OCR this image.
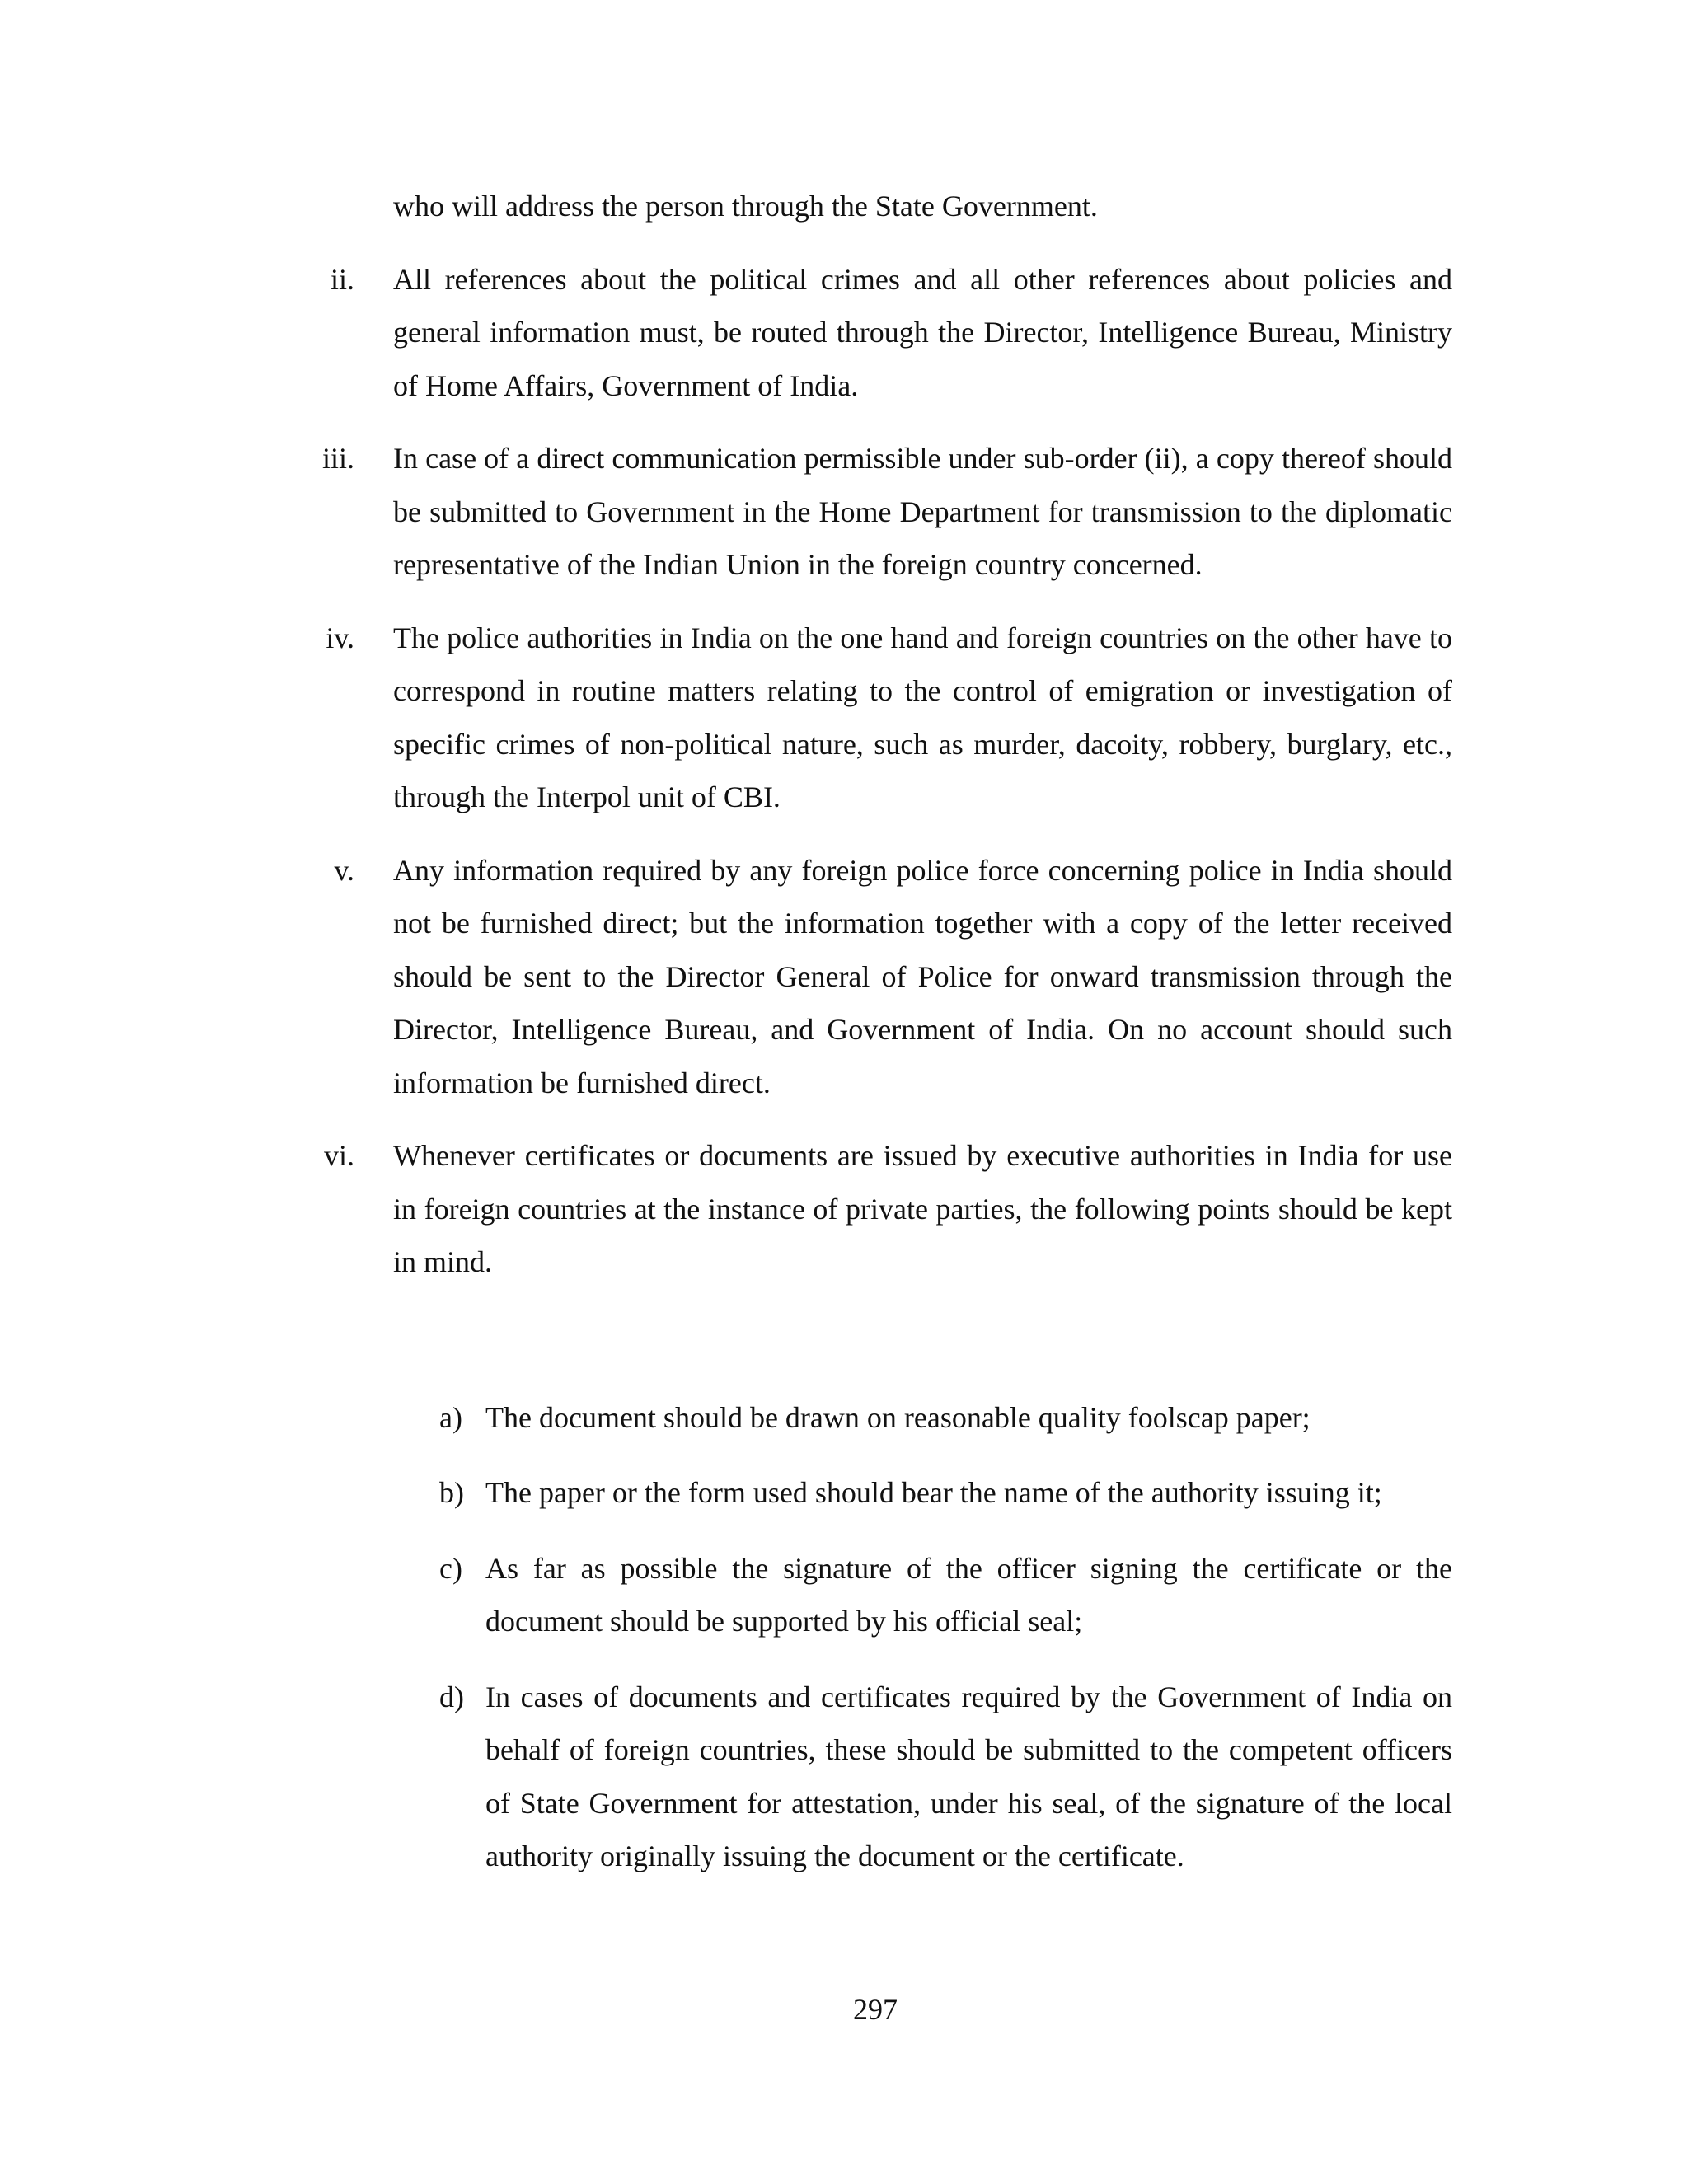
who will address the person through the State Government.

ii. All references about the political crimes and all other references about policies and general information must, be routed through the Director, Intelligence Bureau, Ministry of Home Affairs, Government of India.
iii. In case of a direct communication permissible under sub-order (ii), a copy thereof should be submitted to Government in the Home Department for transmission to the diplomatic representative of the Indian Union in the foreign country concerned.
iv. The police authorities in India on the one hand and foreign countries on the other have to correspond in routine matters relating to the control of emigration or investigation of specific crimes of non-political nature, such as murder, dacoity, robbery, burglary, etc., through the Interpol unit of CBI.
v. Any information required by any foreign police force concerning police in India should not be furnished direct; but the information together with a copy of the letter received should be sent to the Director General of Police for onward transmission through the Director, Intelligence Bureau, and Government of India. On no account should such information be furnished direct.
vi. Whenever certificates or documents are issued by executive authorities in India for use in foreign countries at the instance of private parties, the following points should be kept in mind.
a) The document should be drawn on reasonable quality foolscap paper;
b) The paper or the form used should bear the name of the authority issuing it;
c) As far as possible the signature of the officer signing the certificate or the document should be supported by his official seal;
d) In cases of documents and certificates required by the Government of India on behalf of foreign countries, these should be submitted to the competent officers of State Government for attestation, under his seal, of the signature of the local authority originally issuing the document or the certificate.
297
